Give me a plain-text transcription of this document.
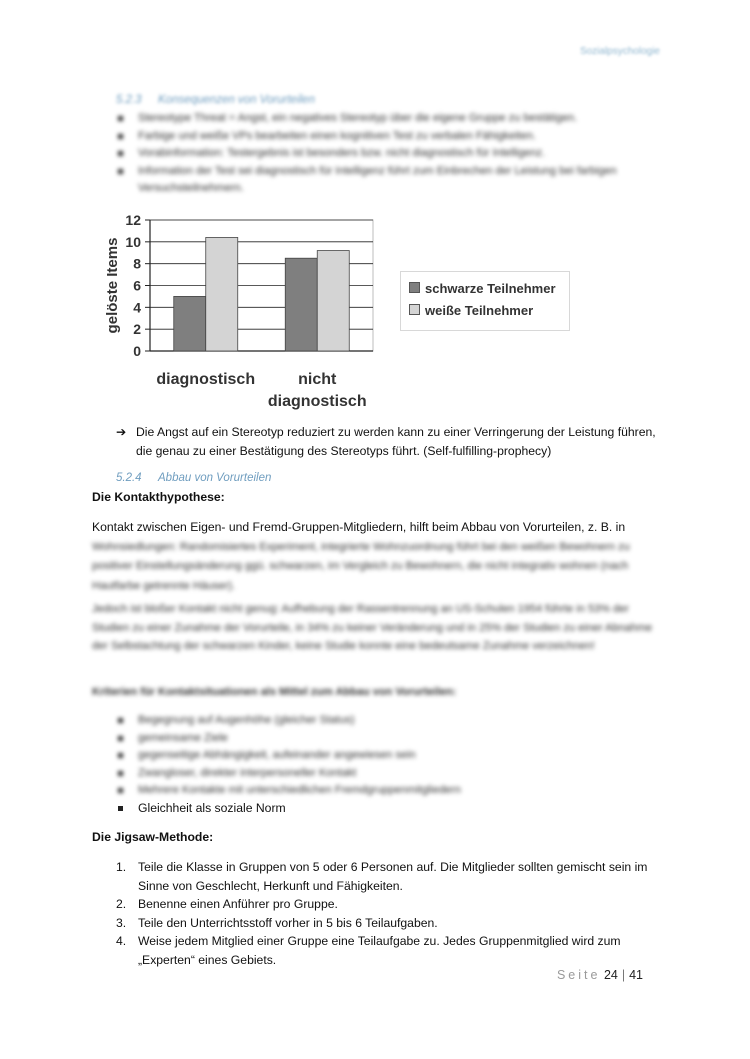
Sozialpsychologie
5.2.3 Konsequenzen von Vorurteilen
Stereotype Threat = Angst, ein negatives Stereotyp über die eigene Gruppe zu bestätigen.
Farbige und weiße VPs bearbeiten einen kognitiven Test zu verbalen Fähigkeiten.
Vorabinformation: Testergebnis ist besonders bzw. nicht diagnostisch für Intelligenz.
Information der Test sei diagnostisch für Intelligenz führt zum Einbrechen der Leistung bei farbigen Versuchsteilnehmern.
0
2
4
6
8
10
12
diagnostisch	nicht
diagnostisch
gelöste Items	schwarze Teilnehmer
weiße Teilnehmer
➔ Die Angst auf ein Stereotyp reduziert zu werden kann zu einer Verringerung der Leistung führen, die genau zu einer Bestätigung des Stereotyps führt. (Self-fulfilling-prophecy)
5.2.4 Abbau von Vorurteilen
Die Kontakthypothese:
Kontakt zwischen Eigen- und Fremd-Gruppen-Mitgliedern, hilft beim Abbau von Vorurteilen, z. B. in Wohnsiedlungen: Randomisiertes Experiment, integrierte Wohnzuordnung führt bei den weißen Bewohnern zu positiver Einstellungsänderung ggü. schwarzen, im Vergleich zu Bewohnern, die nicht integrativ wohnen (nach Hautfarbe getrennte Häuser).
Jedoch ist bloßer Kontakt nicht genug: Aufhebung der Rassentrennung an US-Schulen 1954 führte in 53% der Studien zu einer Zunahme der Vorurteile, in 34% zu keiner Veränderung und in 25% der Studien zu einer Abnahme der Selbstachtung der schwarzen Kinder, keine Studie konnte eine bedeutsame Zunahme verzeichnen!
Kriterien für Kontaktsituationen als Mittel zum Abbau von Vorurteilen:
Begegnung auf Augenhöhe (gleicher Status)
gemeinsame Ziele
gegenseitige Abhängigkeit, aufeinander angewiesen sein
Zwangloser, direkter interpersoneller Kontakt
Mehrere Kontakte mit unterschiedlichen Fremdgruppenmitgliedern
Gleichheit als soziale Norm
Die Jigsaw-Methode:
1. Teile die Klasse in Gruppen von 5 oder 6 Personen auf. Die Mitglieder sollten gemischt sein im Sinne von Geschlecht, Herkunft und Fähigkeiten.
2. Benenne einen Anführer pro Gruppe.
3. Teile den Unterrichtsstoff vorher in 5 bis 6 Teilaufgaben.
4. Weise jedem Mitglied einer Gruppe eine Teilaufgabe zu. Jedes Gruppenmitglied wird zum „Experten“ eines Gebiets.
Seite 24 | 41
